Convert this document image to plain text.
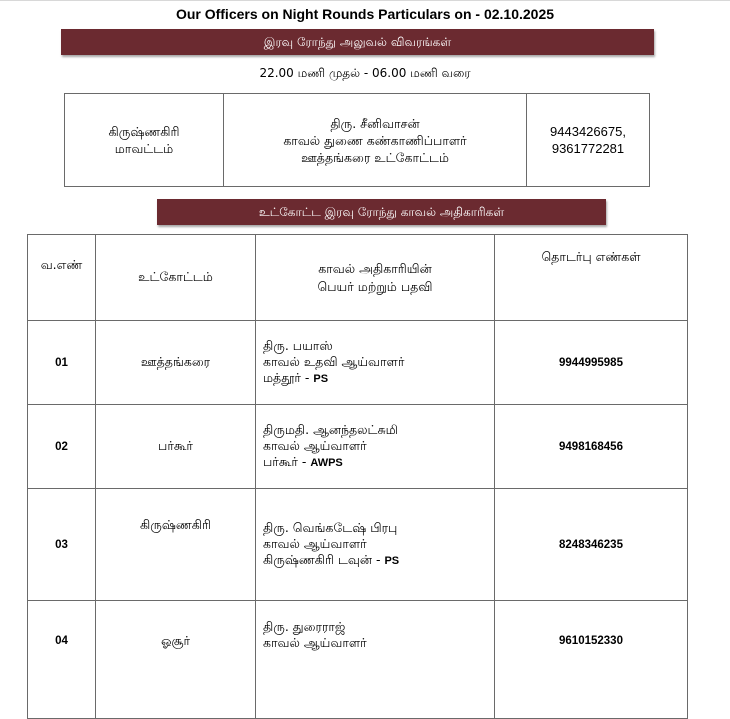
Our Officers on Night Rounds Particulars on - 02.10.2025
இரவு ரோந்து அலுவல் விவரங்கள்
22.00 மணி முதல் - 06.00 மணி வரை
கிருஷ்ணகிரி
மாவட்டம்

திரு. சீனிவாசன்
காவல் துணை கண்காணிப்பாளர்
ஊத்தங்கரை உட்கோட்டம்

9443426675,
9361772281
உட்கோட்ட இரவு ரோந்து காவல் அதிகாரிகள்
வ.எண்	உட்கோட்டம்	காவல் அதிகாரியின்
பெயர் மற்றும் பதவி	தொடர்பு எண்கள்
01	ஊத்தங்கரை	திரு. பயாஸ்
காவல் உதவி ஆய்வாளர்
மத்தூர் - PS	9944995985
02	பர்கூர்	திருமதி. ஆனந்தலட்சுமி
காவல் ஆய்வாளர்
பர்கூர் - AWPS	9498168456
03	கிருஷ்ணகிரி	திரு. வெங்கடேஷ் பிரபு
காவல் ஆய்வாளர்
கிருஷ்ணகிரி டவுன் - PS	8248346235
04	ஓசூர்	திரு. துரைராஜ்
காவல் ஆய்வாளர்	9610152330
